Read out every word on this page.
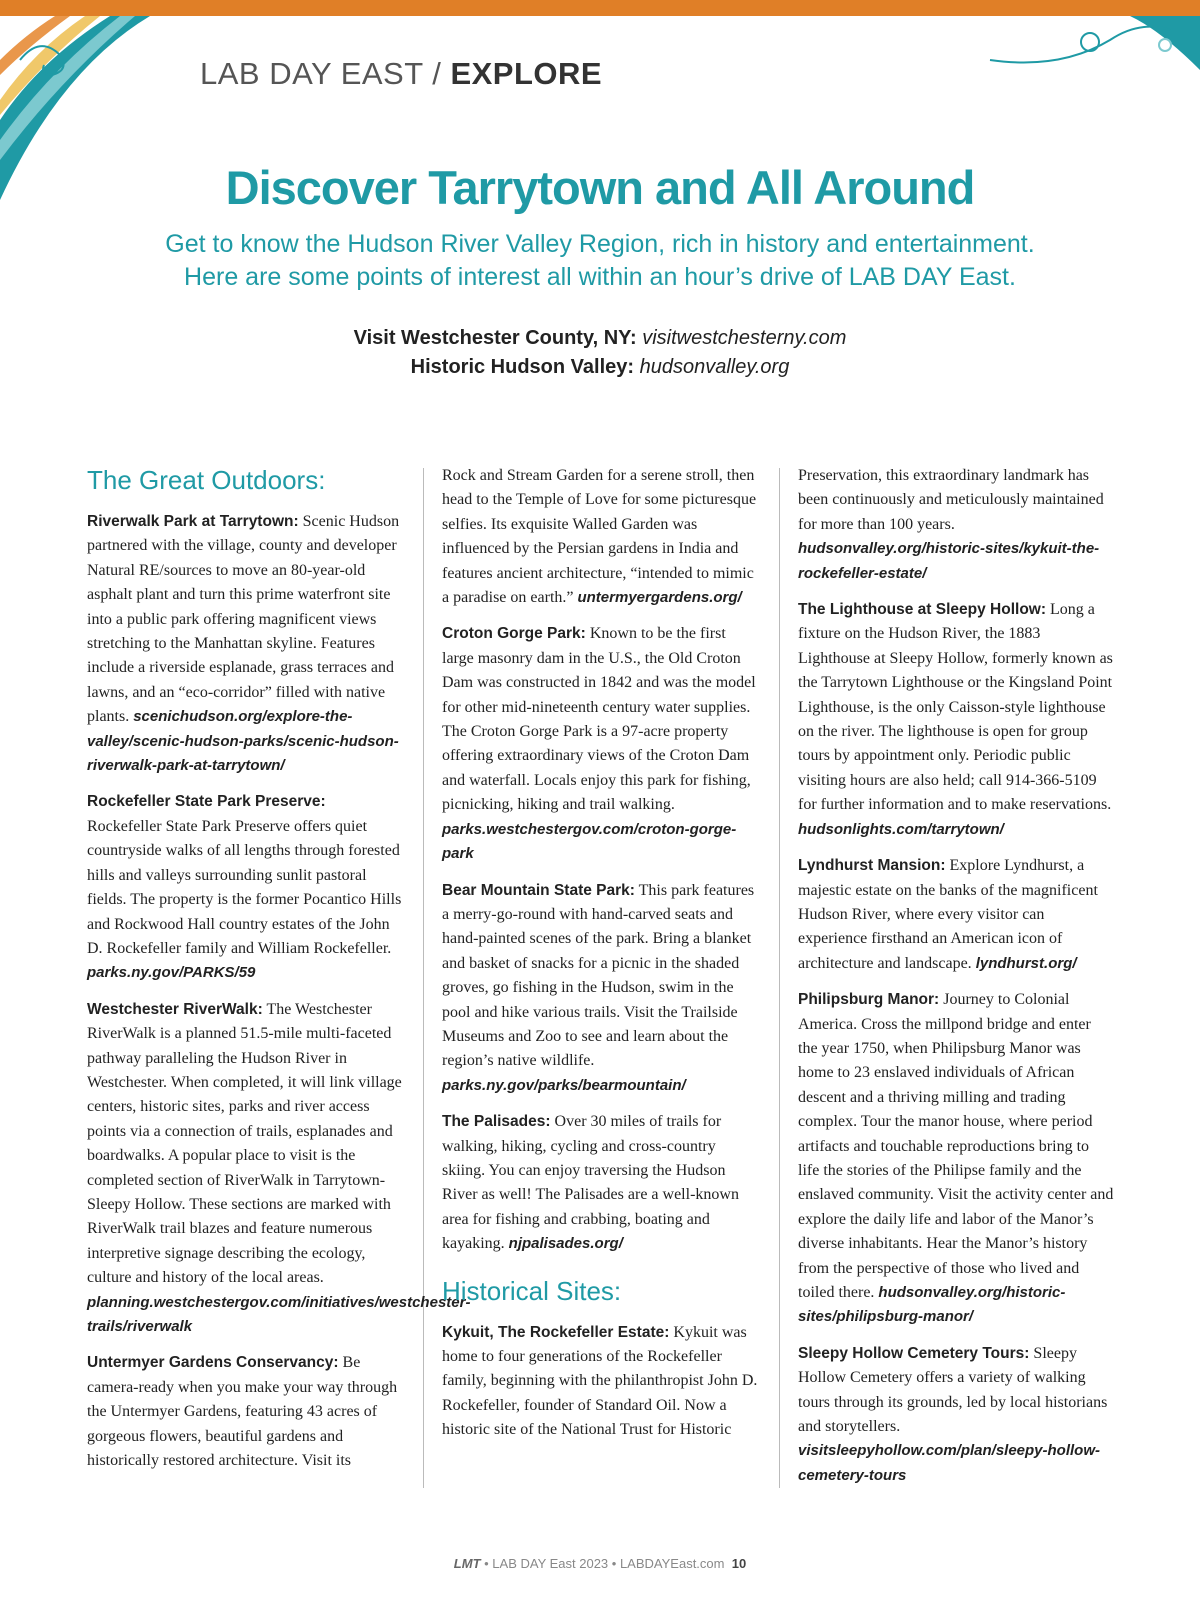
LAB DAY EAST / EXPLORE
Discover Tarrytown and All Around
Get to know the Hudson River Valley Region, rich in history and entertainment.
Here are some points of interest all within an hour’s drive of LAB DAY East.
Visit Westchester County, NY: visitwestchesterny.com
Historic Hudson Valley: hudsonvalley.org
The Great Outdoors:
Riverwalk Park at Tarrytown: Scenic Hudson partnered with the village, county and developer Natural RE/sources to move an 80-year-old asphalt plant and turn this prime waterfront site into a public park offering magnificent views stretching to the Manhattan skyline. Features include a riverside esplanade, grass terraces and lawns, and an “eco-corridor” filled with native plants. scenichudson.org/explore-the-valley/scenic-hudson-parks/scenic-hudson-riverwalk-park-at-tarrytown/
Rockefeller State Park Preserve: Rockefeller State Park Preserve offers quiet countryside walks of all lengths through forested hills and valleys surrounding sunlit pastoral fields. The property is the former Pocantico Hills and Rockwood Hall country estates of the John D. Rockefeller family and William Rockefeller. parks.ny.gov/PARKS/59
Westchester RiverWalk: The Westchester RiverWalk is a planned 51.5-mile multi-faceted pathway paralleling the Hudson River in Westchester. When completed, it will link village centers, historic sites, parks and river access points via a connection of trails, esplanades and boardwalks. A popular place to visit is the completed section of RiverWalk in Tarrytown-Sleepy Hollow. These sections are marked with RiverWalk trail blazes and feature numerous interpretive signage describing the ecology, culture and history of the local areas. planning.westchestergov.com/initiatives/westchester-trails/riverwalk
Untermyer Gardens Conservancy: Be camera-ready when you make your way through the Untermyer Gardens, featuring 43 acres of gorgeous flowers, beautiful gardens and historically restored architecture. Visit its
Rock and Stream Garden for a serene stroll, then head to the Temple of Love for some picturesque selfies. Its exquisite Walled Garden was influenced by the Persian gardens in India and features ancient architecture, “intended to mimic a paradise on earth.” untermyergardens.org/
Croton Gorge Park: Known to be the first large masonry dam in the U.S., the Old Croton Dam was constructed in 1842 and was the model for other mid-nineteenth century water supplies. The Croton Gorge Park is a 97-acre property offering extraordinary views of the Croton Dam and waterfall. Locals enjoy this park for fishing, picnicking, hiking and trail walking. parks.westchestergov.com/croton-gorge-park
Bear Mountain State Park: This park features a merry-go-round with hand-carved seats and hand-painted scenes of the park. Bring a blanket and basket of snacks for a picnic in the shaded groves, go fishing in the Hudson, swim in the pool and hike various trails. Visit the Trailside Museums and Zoo to see and learn about the region’s native wildlife. parks.ny.gov/parks/bearmountain/
The Palisades: Over 30 miles of trails for walking, hiking, cycling and cross-country skiing. You can enjoy traversing the Hudson River as well! The Palisades are a well-known area for fishing and crabbing, boating and kayaking. njpalisades.org/
Historical Sites:
Kykuit, The Rockefeller Estate: Kykuit was home to four generations of the Rockefeller family, beginning with the philanthropist John D. Rockefeller, founder of Standard Oil. Now a historic site of the National Trust for Historic
Preservation, this extraordinary landmark has been continuously and meticulously maintained for more than 100 years. hudsonvalley.org/historic-sites/kykuit-the-rockefeller-estate/
The Lighthouse at Sleepy Hollow: Long a fixture on the Hudson River, the 1883 Lighthouse at Sleepy Hollow, formerly known as the Tarrytown Lighthouse or the Kingsland Point Lighthouse, is the only Caisson-style lighthouse on the river. The lighthouse is open for group tours by appointment only. Periodic public visiting hours are also held; call 914-366-5109 for further information and to make reservations. hudsonlights.com/tarrytown/
Lyndhurst Mansion: Explore Lyndhurst, a majestic estate on the banks of the magnificent Hudson River, where every visitor can experience firsthand an American icon of architecture and landscape. lyndhurst.org/
Philipsburg Manor: Journey to Colonial America. Cross the millpond bridge and enter the year 1750, when Philipsburg Manor was home to 23 enslaved individuals of African descent and a thriving milling and trading complex. Tour the manor house, where period artifacts and touchable reproductions bring to life the stories of the Philipse family and the enslaved community. Visit the activity center and explore the daily life and labor of the Manor’s diverse inhabitants. Hear the Manor’s history from the perspective of those who lived and toiled there. hudsonvalley.org/historic-sites/philipsburg-manor/
Sleepy Hollow Cemetery Tours: Sleepy Hollow Cemetery offers a variety of walking tours through its grounds, led by local historians and storytellers. visitsleepyhollow.com/plan/sleepy-hollow-cemetery-tours
LMT • LAB DAY East 2023 • LABDAYEast.com 10
